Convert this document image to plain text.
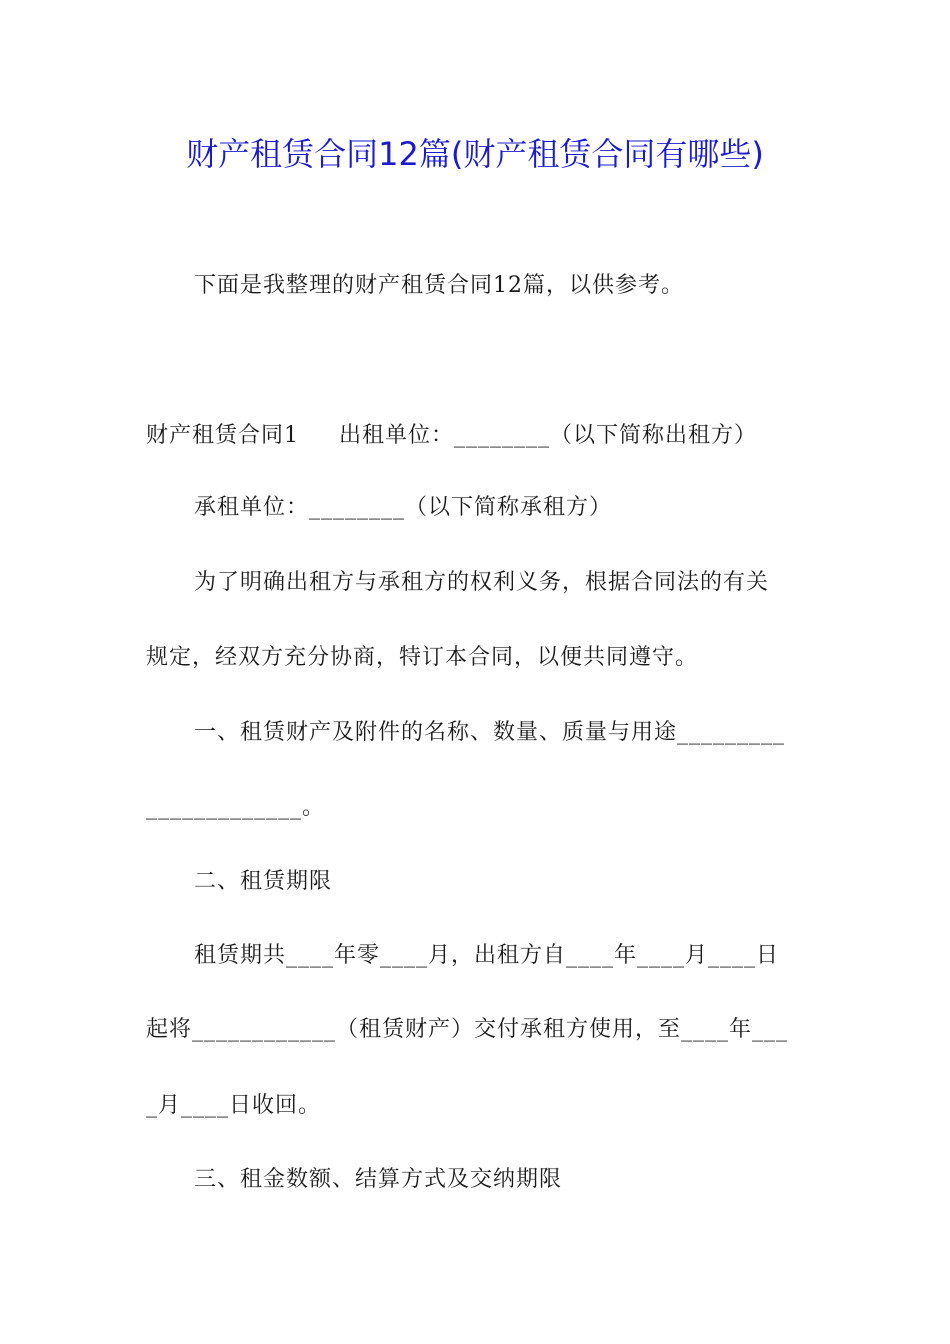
财产租赁合同12篇(财产租赁合同有哪些)

下面是我整理的财产租赁合同12篇，以供参考。

财产租赁合同1 出租单位：________（以下简称出租方）

承租单位：________（以下简称承租方）

为了明确出租方与承租方的权利义务，根据合同法的有关

规定，经双方充分协商，特订本合同，以便共同遵守。

一、租赁财产及附件的名称、数量、质量与用途_________

_____________。

二、租赁期限

租赁期共____年零____月，出租方自____年____月____日

起将____________（租赁财产）交付承租方使用，至____年___

_月____日收回。

三、租金数额、结算方式及交纳期限
